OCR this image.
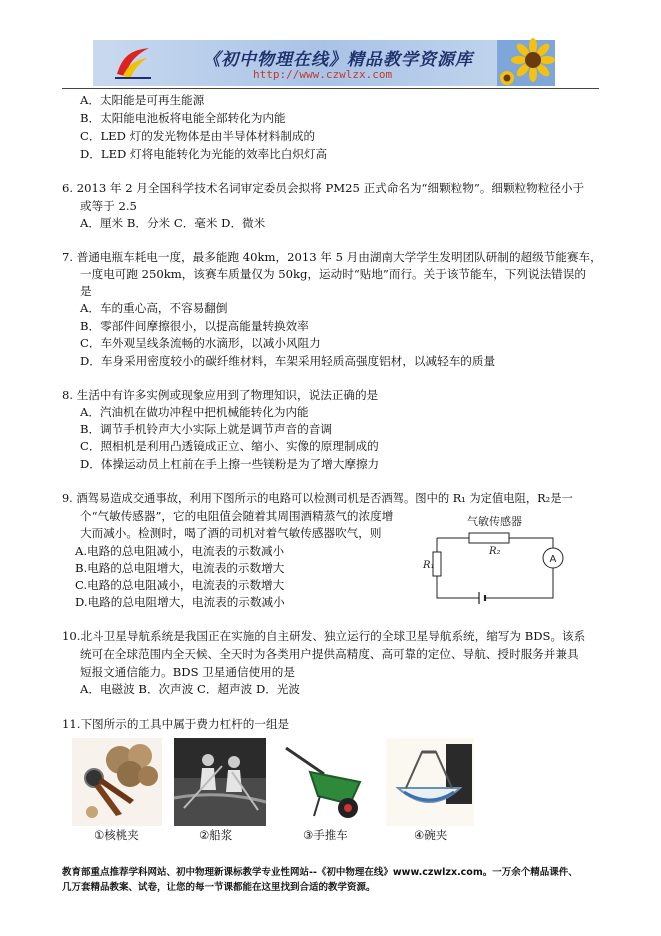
《初中物理在线》精品教学资源库
http://www.czwlzx.com
A．太阳能是可再生能源
B．太阳能电池板将电能全部转化为内能
C．LED 灯的发光物体是由半导体材料制成的
D．LED 灯将电能转化为光能的效率比白炽灯高
6. 2013 年 2 月全国科学技术名词审定委员会拟将 PM25 正式命名为“细颗粒物”。细颗粒物粒径小于
或等于 2.5
A．厘米 B．分米 C．毫米 D．微米
7. 普通电瓶车耗电一度，最多能跑 40km，2013 年 5 月由湖南大学学生发明团队研制的超级节能赛车，
一度电可跑 250km，该赛车质量仅为 50kg，运动时“贴地”而行。关于该节能车，下列说法错误的
是
A．车的重心高，不容易翻倒
B．零部件间摩擦很小，以提高能量转换效率
C．车外观呈线条流畅的水滴形，以减小风阻力
D．车身采用密度较小的碳纤维材料，车架采用轻质高强度铝材，以减轻车的质量
8. 生活中有许多实例或现象应用到了物理知识，说法正确的是
A．汽油机在做功冲程中把机械能转化为内能
B．调节手机铃声大小实际上就是调节声音的音调
C．照相机是利用凸透镜成正立、缩小、实像的原理制成的
D．体操运动员上杠前在手上擦一些镁粉是为了增大摩擦力
9. 酒驾易造成交通事故，利用下图所示的电路可以检测司机是否酒驾。图中的 R₁ 为定值电阻，R₂是一
个“气敏传感器”，它的电阻值会随着其周围酒精蒸气的浓度增
大而减小。检测时，喝了酒的司机对着气敏传感器吹气，则
A.电路的总电阻减小，电流表的示数减小
B.电路的总电阻增大，电流表的示数增大
C.电路的总电阻减小，电流表的示数增大
D.电路的总电阻增大，电流表的示数减小
气敏传感器
R₂
R₁
A
10.北斗卫星导航系统是我国正在实施的自主研发、独立运行的全球卫星导航系统，缩写为 BDS。该系
统可在全球范围内全天候、全天时为各类用户提供高精度、高可靠的定位、导航、授时服务并兼具
短报文通信能力。BDS 卫星通信使用的是
A．电磁波 B．次声波 C．超声波 D．光波
11.下图所示的工具中属于费力杠杆的一组是
①核桃夹	②船浆	③手推车	④碗夹
教育部重点推荐学科网站、初中物理新课标教学专业性网站--《初中物理在线》www.czwlzx.com。一万余个精品课件、
几万套精品教案、试卷，让您的每一节课都能在这里找到合适的教学资源。
